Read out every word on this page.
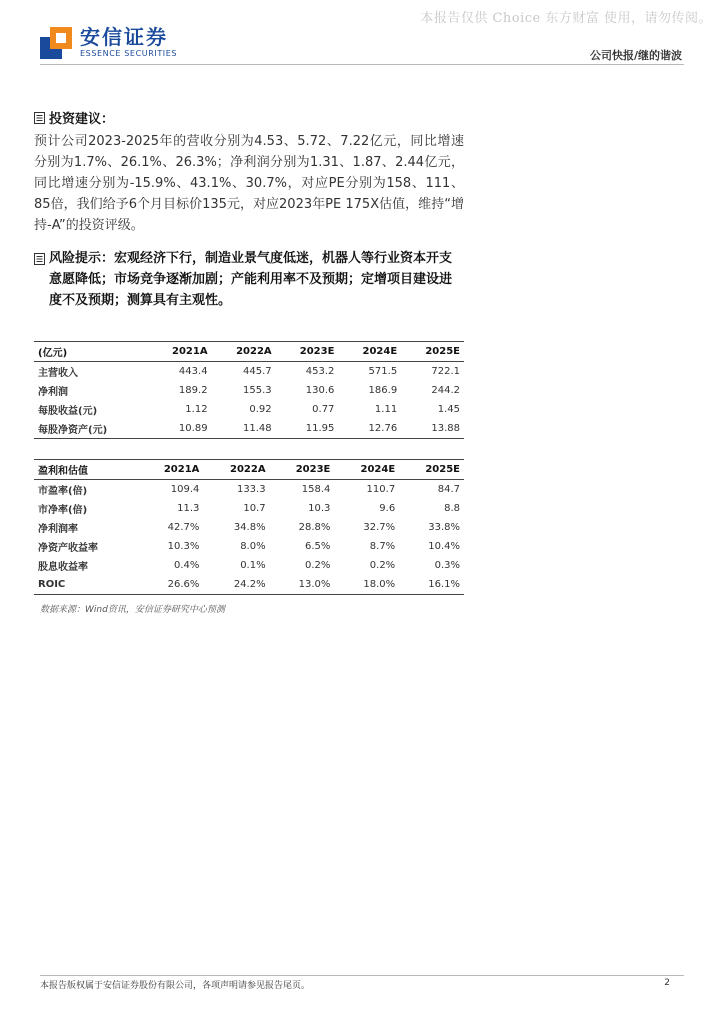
本报告仅供 Choice 东方财富 使用，请勿传阅。
安信证券
ESSENCE SECURITIES	公司快报/继的谐波
投资建议：
预计公司2023-2025年的营收分别为4.53、5.72、7.22亿元，同比增速分别为1.7%、26.1%、26.3%；净利润分别为1.31、1.87、2.44亿元，同比增速分别为-15.9%、43.1%、30.7%，对应PE分别为158、111、85倍，我们给予6个月目标价135元，对应2023年PE 175X估值，维持“增持-A”的投资评级。
风险提示：宏观经济下行，制造业景气度低迷，机器人等行业资本开支意愿降低；市场竞争逐渐加剧；产能利用率不及预期；定增项目建设进度不及预期；测算具有主观性。
(亿元)	2021A	2022A	2023E	2024E	2025E
主营收入	443.4	445.7	453.2	571.5	722.1
净利润	189.2	155.3	130.6	186.9	244.2
每股收益(元)	1.12	0.92	0.77	1.11	1.45
每股净资产(元)	10.89	11.48	11.95	12.76	13.88
盈利和估值	2021A	2022A	2023E	2024E	2025E
市盈率(倍)	109.4	133.3	158.4	110.7	84.7
市净率(倍)	11.3	10.7	10.3	9.6	8.8
净利润率	42.7%	34.8%	28.8%	32.7%	33.8%
净资产收益率	10.3%	8.0%	6.5%	8.7%	10.4%
股息收益率	0.4%	0.1%	0.2%	0.2%	0.3%
ROIC	26.6%	24.2%	13.0%	18.0%	16.1%
数据来源：Wind资讯，安信证券研究中心预测
本报告版权属于安信证券股份有限公司，各项声明请参见报告尾页。	2
